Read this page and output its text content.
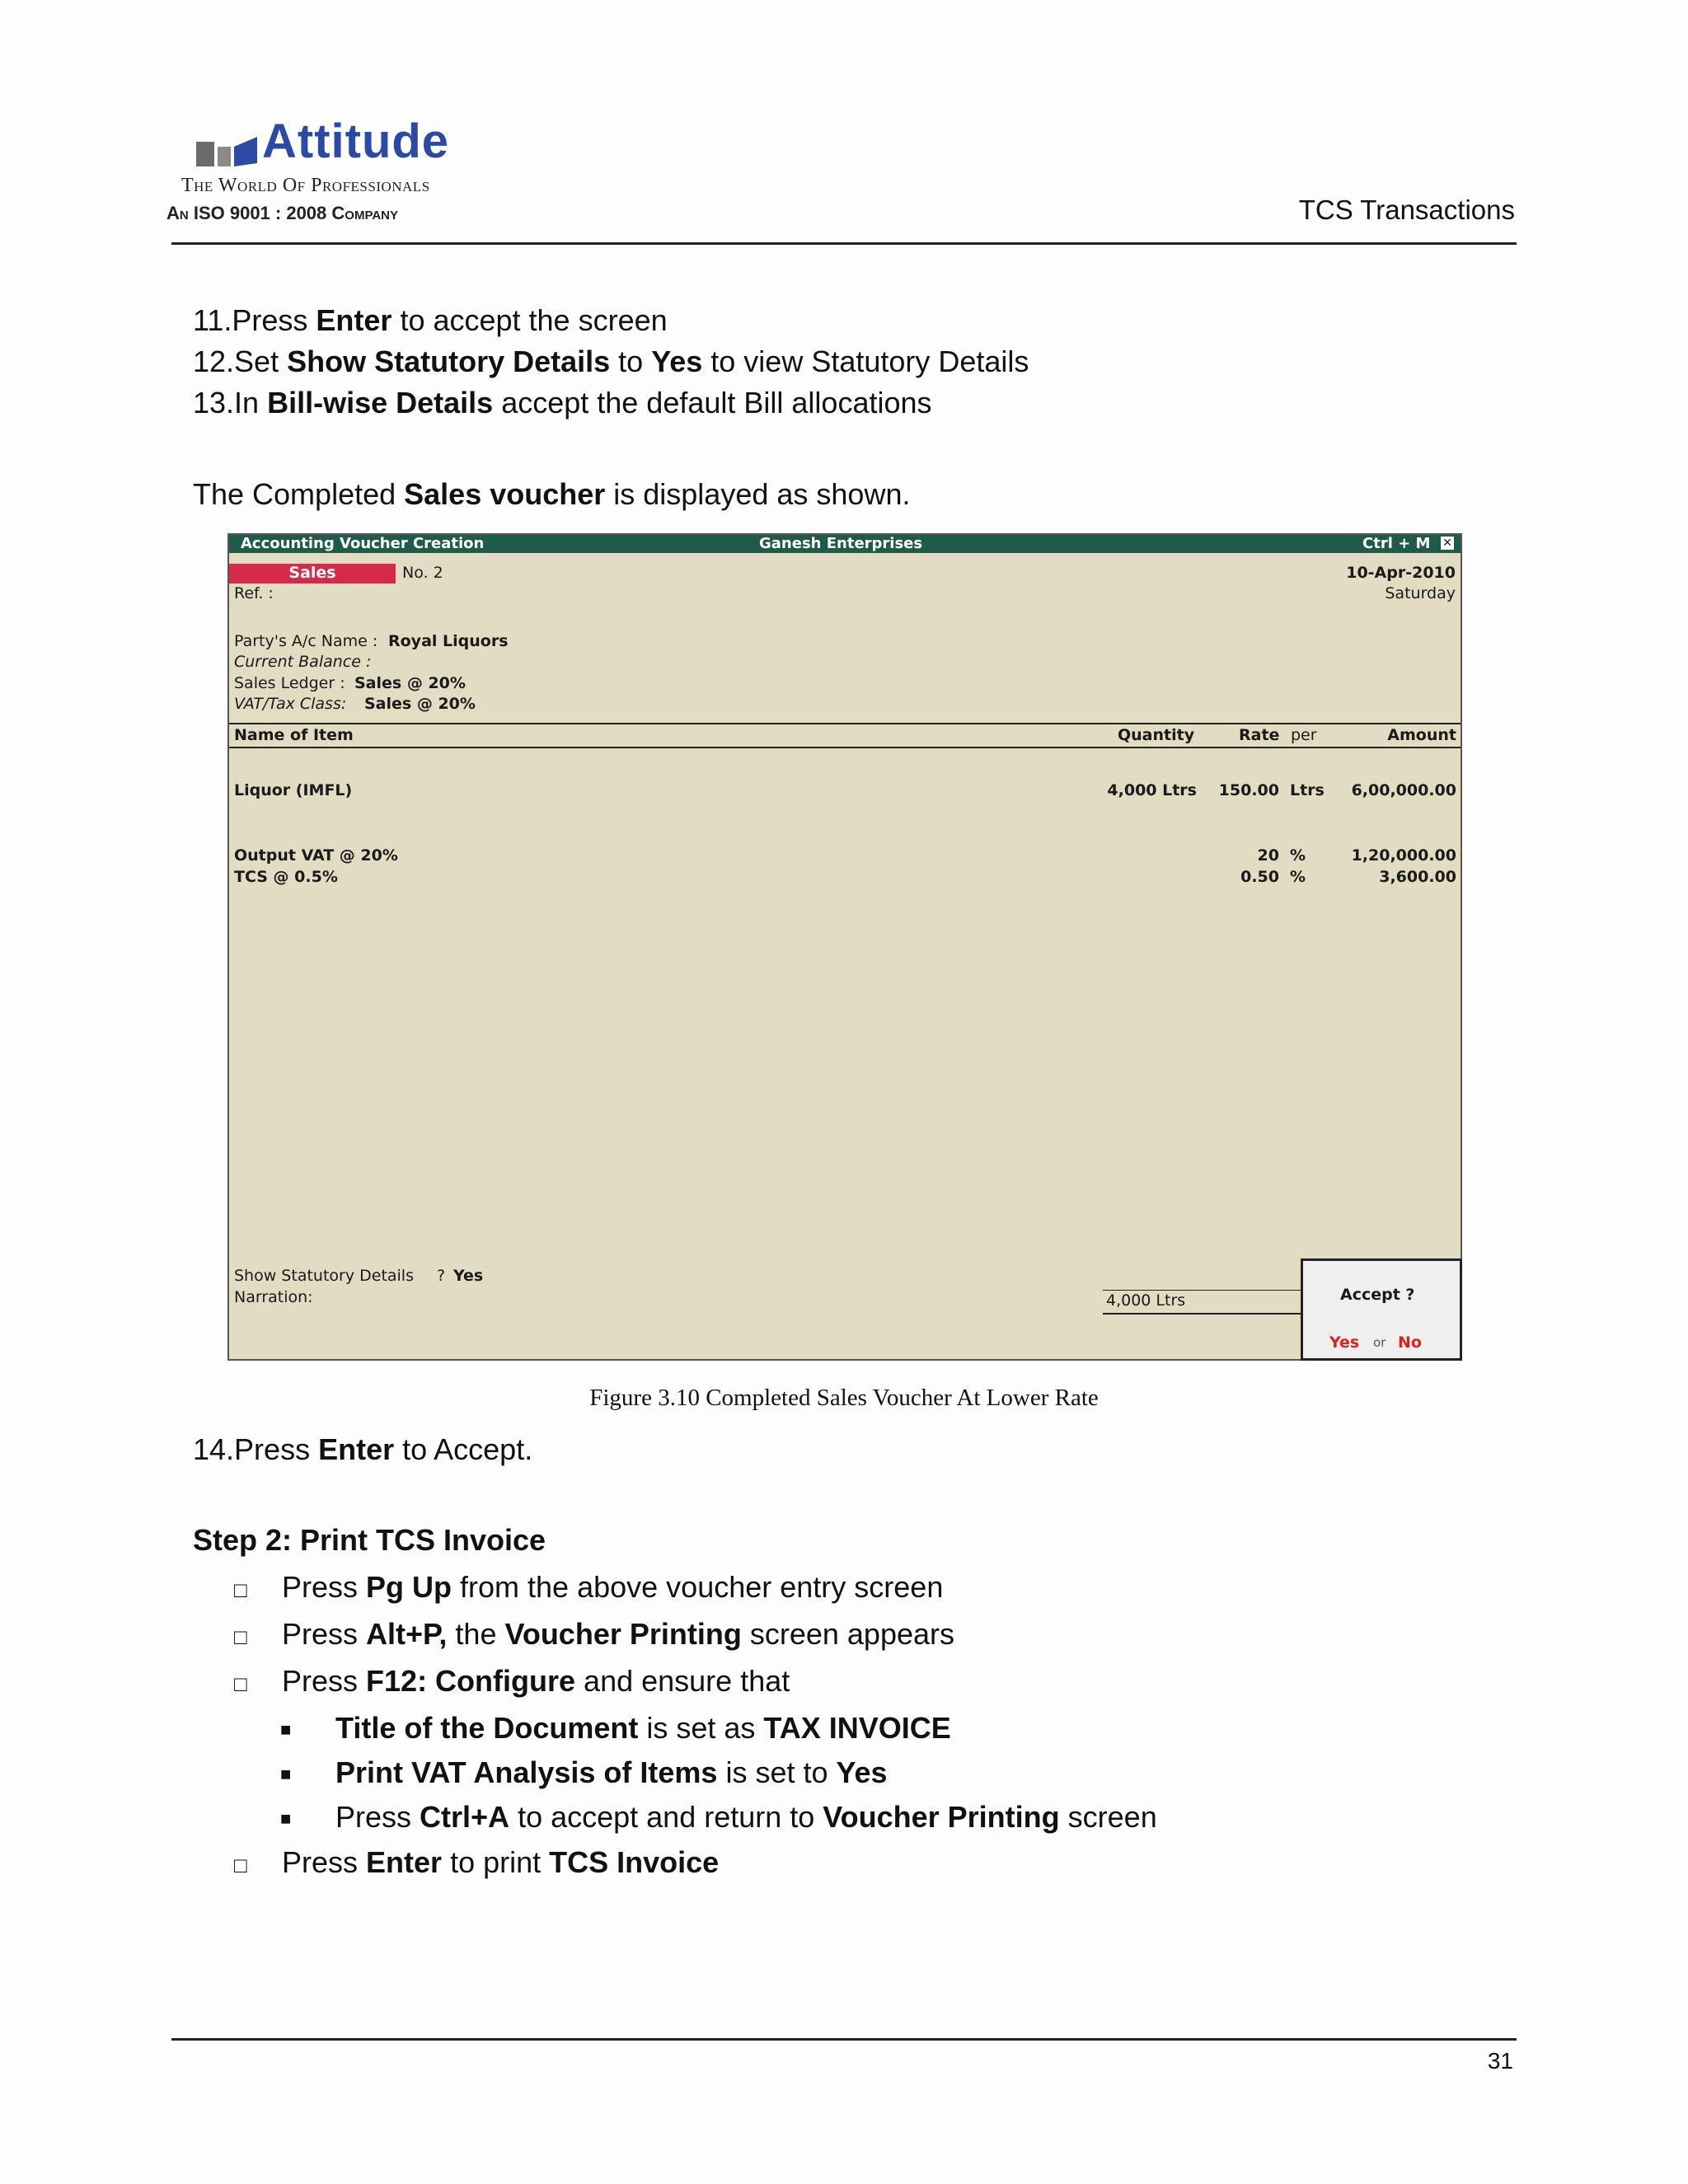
Attitude
The World Of Professionals
An ISO 9001 : 2008 Company	TCS Transactions
11.Press Enter to accept the screen
12.Set Show Statutory Details to Yes to view Statutory Details
13.In Bill-wise Details accept the default Bill allocations
The Completed Sales voucher is displayed as shown.
Accounting Voucher Creation	Ganesh Enterprises	Ctrl + M ✕
Sales	No. 2	10-Apr-2010
Saturday
Ref. :
Party's A/c Name : Royal Liquors
Current Balance :
Sales Ledger : Sales @ 20%
VAT/Tax Class: Sales @ 20%
Name of Item	Quantity	Rate per	Amount
Liquor (IMFL)	4,000 Ltrs 150.00 Ltrs 6,00,000.00
Output VAT @ 20%	20 %	1,20,000.00
TCS @ 0.5%	0.50 %	3,600.00
Show Statutory Details ? Yes
Narration:	4,000 Ltrs	Accept ?
Yes or No
Figure 3.10 Completed Sales Voucher At Lower Rate
14.Press Enter to Accept.
Step 2: Print TCS Invoice
□ Press Pg Up from the above voucher entry screen
□ Press Alt+P, the Voucher Printing screen appears
□ Press F12: Configure and ensure that
■ Title of the Document is set as TAX INVOICE
■ Print VAT Analysis of Items is set to Yes
■ Press Ctrl+A to accept and return to Voucher Printing screen
□ Press Enter to print TCS Invoice
31
